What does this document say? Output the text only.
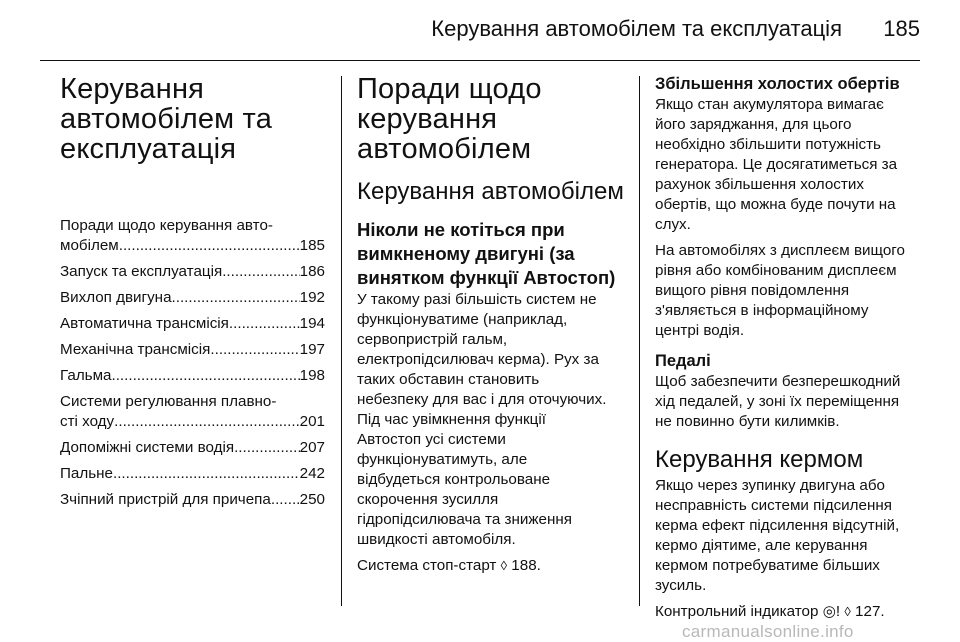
Керування автомобілем та експлуатація 185
Керування
автомобілем та
експлуатація
Поради щодо керування авто-
мобілем .....	185
Запуск та експлуатація .....	186
Вихлоп двигуна .....	192
Автоматична трансмісія .....	194
Механічна трансмісія .....	197
Гальма .....	198
Системи регулювання плавно-
сті ходу .....	201
Допоміжні системи водія .....	207
Пальне .....	242
Зчіпний пристрій для причепа ..... 250
Поради щодо
керування
автомобілем
Керування автомобілем
Ніколи не котіться при
вимкненому двигуні (за
винятком функції Автостоп)

У такому разі більшість систем не
функціонуватиме (наприклад,
сервопристрій гальм,
електропідсилювач керма). Рух за
таких обставин становить
небезпеку для вас і для оточуючих.
Під час увімкнення функції
Автостоп усі системи
функціонуватимуть, але
відбудеться контрольоване
скорочення зусилля
гідропідсилювача та зниження
швидкості автомобіля.

Система стоп-старт ◊ 188.

Збільшення холостих обертів

Якщо стан акумулятора вимагає
його заряджання, для цього
необхідно збільшити потужність
генератора. Це досягатиметься за
рахунок збільшення холостих
обертів, що можна буде почути на
слух.

На автомобілях з дисплеєм вищого
рівня або комбінованим дисплеєм
вищого рівня повідомлення
з'являється в інформаційному
центрі водія.

Педалі

Щоб забезпечити безперешкодний
хід педалей, у зоні їх переміщення
не повинно бути килимків.

Керування кермом

Якщо через зупинку двигуна або
несправність системи підсилення
керма ефект підсилення відсутній,
кермо діятиме, але керування
кермом потребуватиме більших
зусиль.

Контрольний індикатор ◎! ◊ 127.

carmanualsonline.info
